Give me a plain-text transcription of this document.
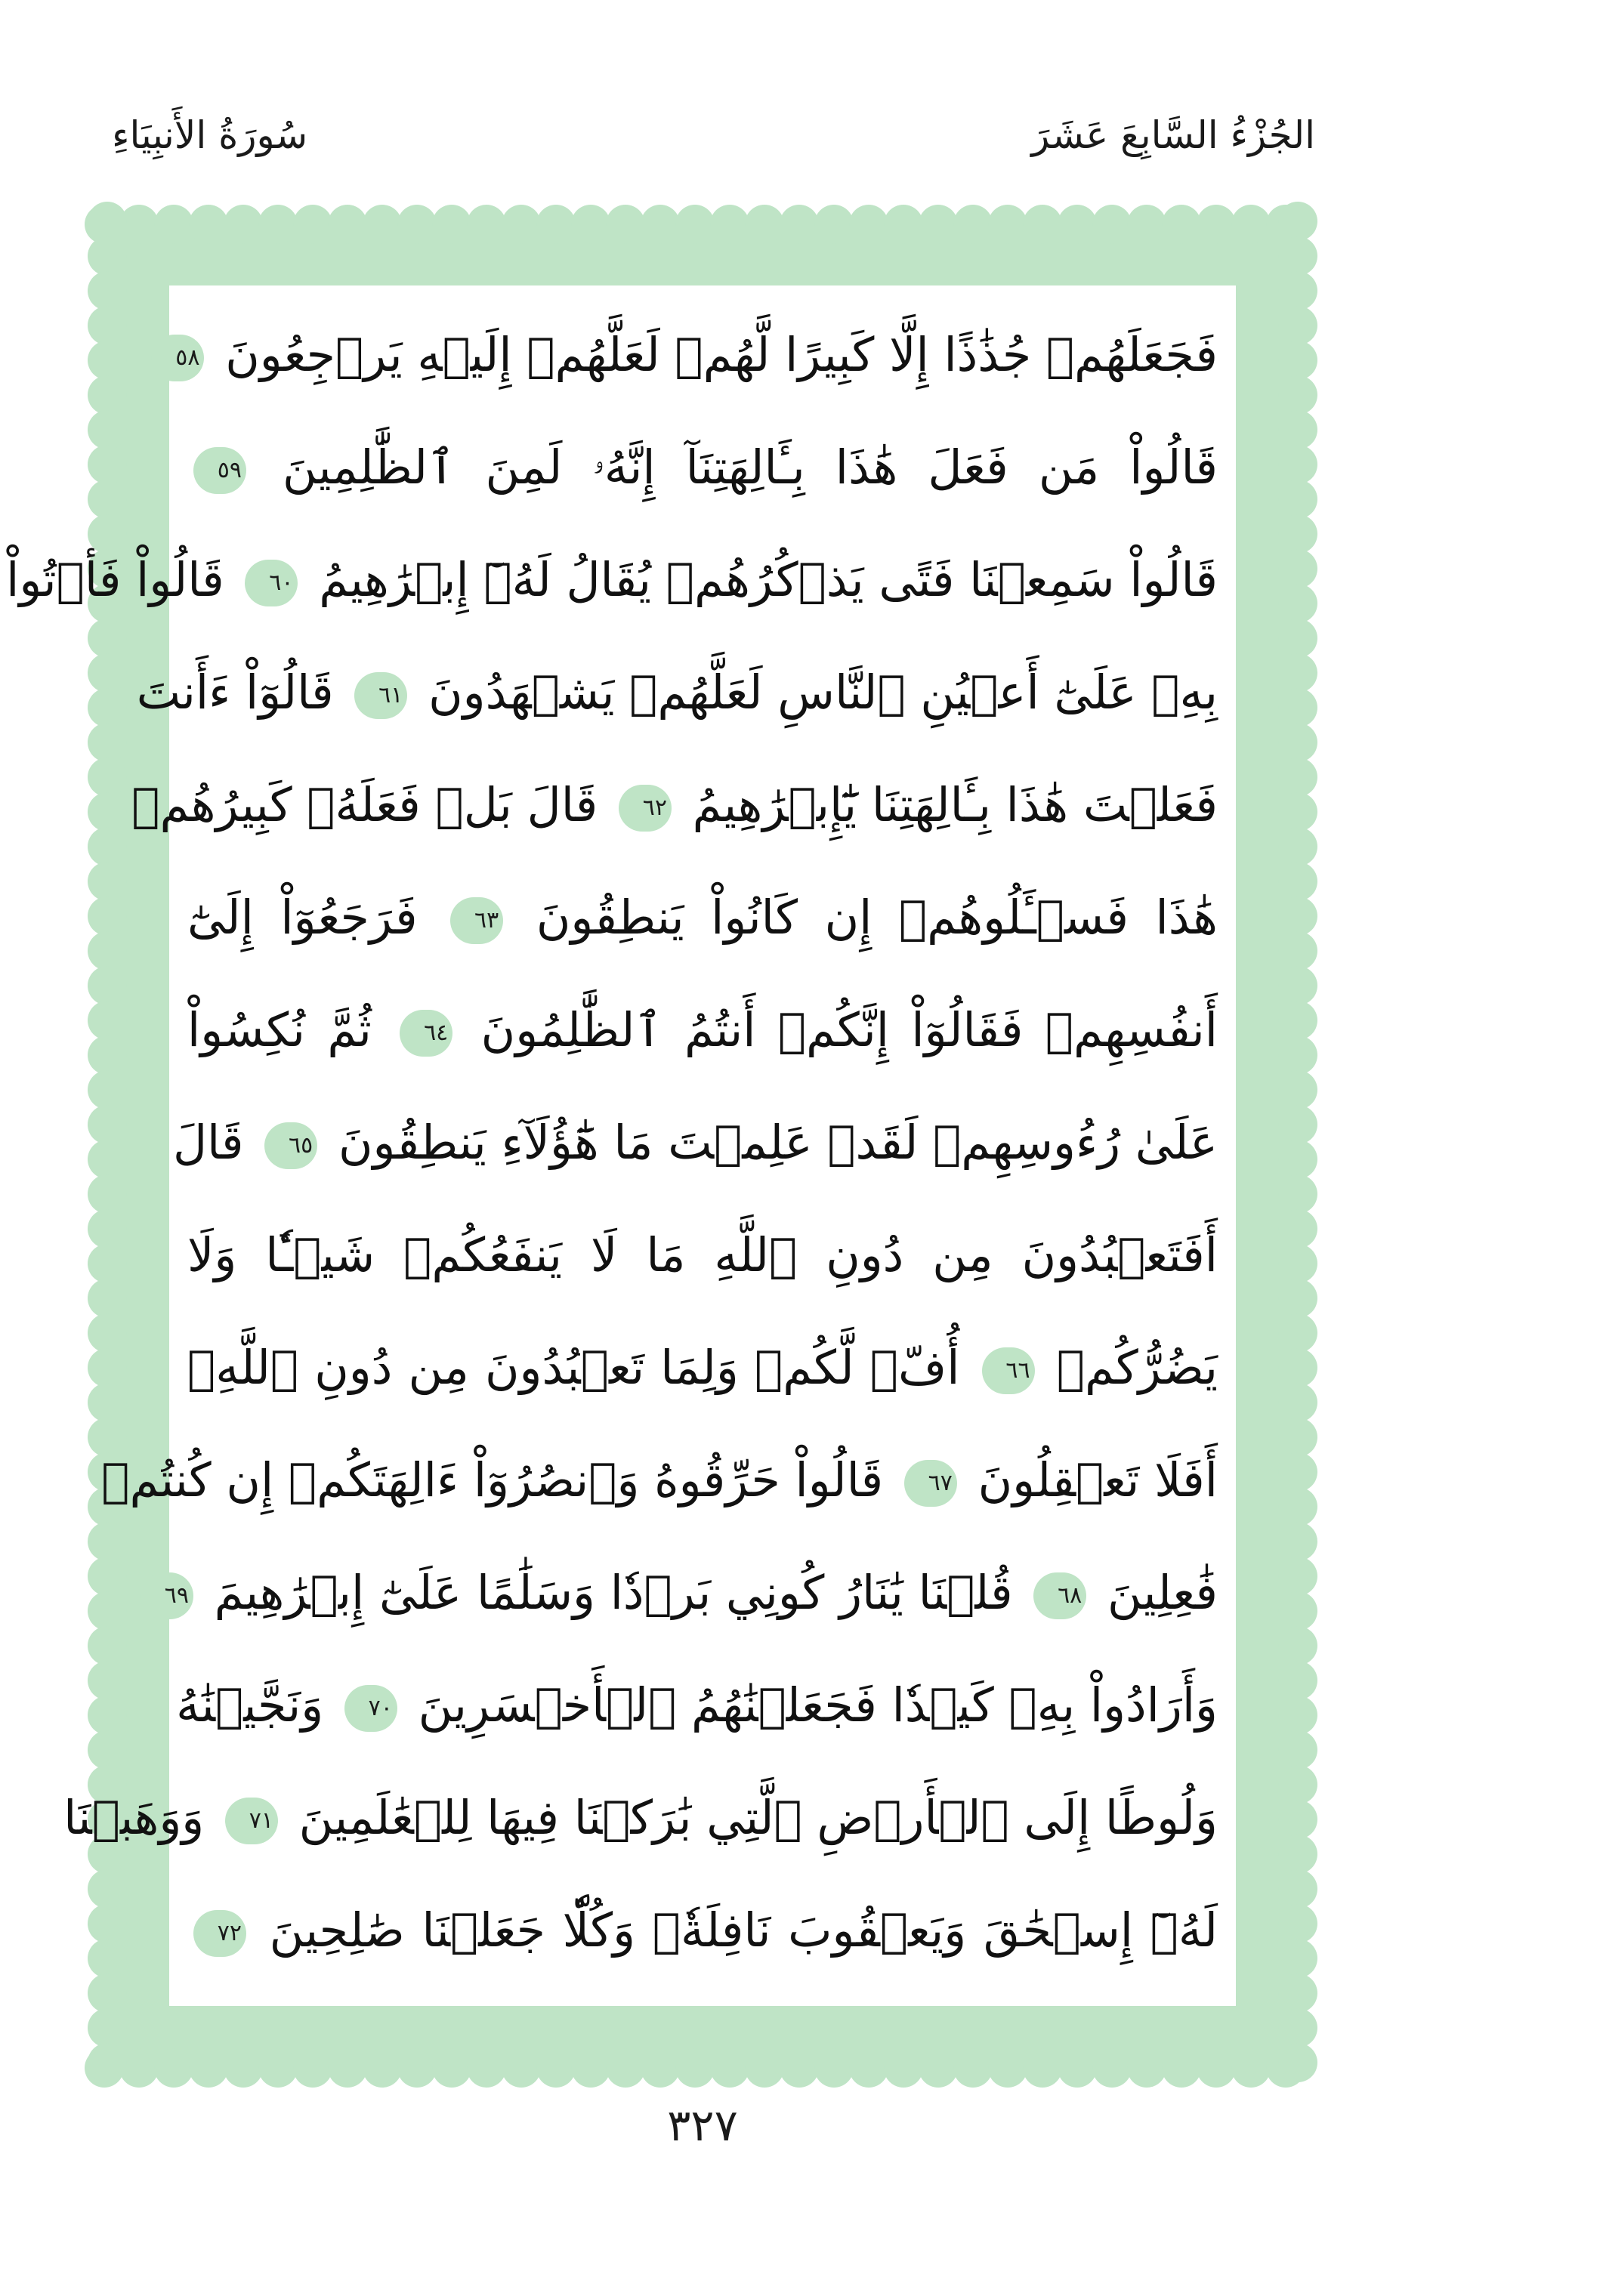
سُورَةُ الأَنبِيَاءِ	الجُزْءُ السَّابِعَ عَشَرَ
فَجَعَلَهُمۡ جُذَٰذًا إِلَّا كَبِيرًا لَّهُمۡ لَعَلَّهُمۡ إِلَيۡهِ يَرۡجِعُونَ ٥٨
قَالُواْ مَن فَعَلَ هَٰذَا بِـَٔالِهَتِنَآ إِنَّهُۥ لَمِنَ ٱلظَّٰلِمِينَ ٥٩
قَالُواْ سَمِعۡنَا فَتًى يَذۡكُرُهُمۡ يُقَالُ لَهُۥٓ إِبۡرَٰهِيمُ ٦٠ قَالُواْ فَأۡتُواْ
بِهِۦ عَلَىٰٓ أَعۡيُنِ ٱلنَّاسِ لَعَلَّهُمۡ يَشۡهَدُونَ ٦١ قَالُوٓاْ ءَأَنتَ
فَعَلۡتَ هَٰذَا بِـَٔالِهَتِنَا يَٰٓإِبۡرَٰهِيمُ ٦٢ قَالَ بَلۡ فَعَلَهُۥ كَبِيرُهُمۡ
هَٰذَا فَسۡـَٔلُوهُمۡ إِن كَانُواْ يَنطِقُونَ ٦٣ فَرَجَعُوٓاْ إِلَىٰٓ
أَنفُسِهِمۡ فَقَالُوٓاْ إِنَّكُمۡ أَنتُمُ ٱلظَّٰلِمُونَ ٦٤ ثُمَّ نُكِسُواْ
عَلَىٰ رُءُوسِهِمۡ لَقَدۡ عَلِمۡتَ مَا هَٰٓؤُلَآءِ يَنطِقُونَ ٦٥ قَالَ
أَفَتَعۡبُدُونَ مِن دُونِ ٱللَّهِ مَا لَا يَنفَعُكُمۡ شَيۡـٔٗا وَلَا
يَضُرُّكُمۡ ٦٦ أُفّٖ لَّكُمۡ وَلِمَا تَعۡبُدُونَ مِن دُونِ ٱللَّهِۚ
أَفَلَا تَعۡقِلُونَ ٦٧ قَالُواْ حَرِّقُوهُ وَٱنصُرُوٓاْ ءَالِهَتَكُمۡ إِن كُنتُمۡ
فَٰعِلِينَ ٦٨ قُلۡنَا يَٰنَارُ كُونِي بَرۡدٗا وَسَلَٰمًا عَلَىٰٓ إِبۡرَٰهِيمَ ٦٩
وَأَرَادُواْ بِهِۦ كَيۡدٗا فَجَعَلۡنَٰهُمُ ٱلۡأَخۡسَرِينَ ٧٠ وَنَجَّيۡنَٰهُ
وَلُوطًا إِلَى ٱلۡأَرۡضِ ٱلَّتِي بَٰرَكۡنَا فِيهَا لِلۡعَٰلَمِينَ ٧١ وَوَهَبۡنَا
لَهُۥٓ إِسۡحَٰقَ وَيَعۡقُوبَ نَافِلَةٗۖ وَكُلّٗا جَعَلۡنَا صَٰلِحِينَ ٧٢
٣٢٧
